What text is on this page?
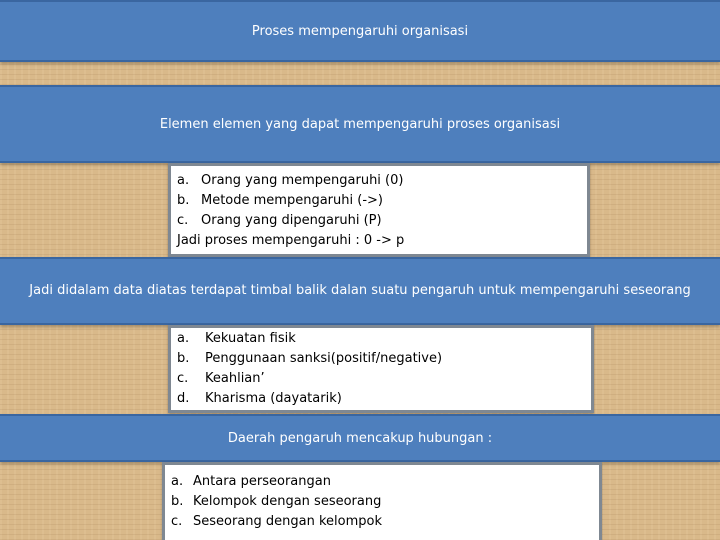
Proses mempengaruhi organisasi
Elemen elemen yang dapat mempengaruhi proses organisasi
a. Orang yang mempengaruhi (0)
b. Metode mempengaruhi (->)
c. Orang yang dipengaruhi (P)
Jadi proses mempengaruhi : 0 -> p
Jadi didalam data diatas terdapat timbal balik dalan suatu pengaruh untuk mempengaruhi seseorang
a. Kekuatan fisik
b. Penggunaan sanksi(positif/negative)
c. Keahlian’
d. Kharisma (dayatarik)
Daerah pengaruh mencakup hubungan :
a. Antara perseorangan
b. Kelompok dengan seseorang
c. Seseorang dengan kelompok
